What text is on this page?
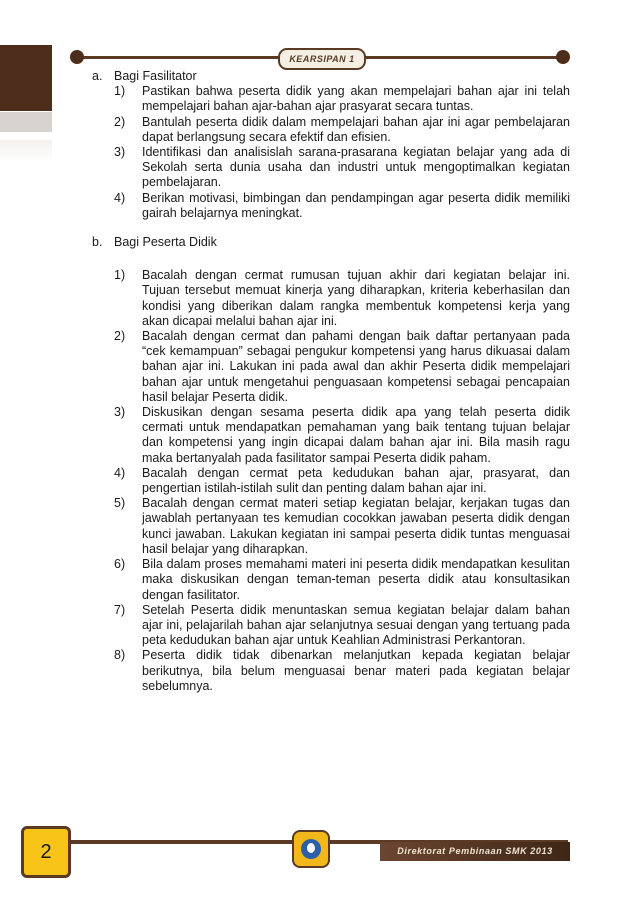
KEARSIPAN 1
a. Bagi Fasilitator
1) Pastikan bahwa peserta didik yang akan mempelajari bahan ajar ini telah mempelajari bahan ajar-bahan ajar prasyarat secara tuntas.
2) Bantulah peserta didik dalam mempelajari bahan ajar ini agar pembelajaran dapat berlangsung secara efektif dan efisien.
3) Identifikasi dan analisislah sarana-prasarana kegiatan belajar yang ada di Sekolah serta dunia usaha dan industri untuk mengoptimalkan kegiatan pembelajaran.
4) Berikan motivasi, bimbingan dan pendampingan agar peserta didik memiliki gairah belajarnya meningkat.
b. Bagi Peserta Didik
1) Bacalah dengan cermat rumusan tujuan akhir dari kegiatan belajar ini. Tujuan tersebut memuat kinerja yang diharapkan, kriteria keberhasilan dan kondisi yang diberikan dalam rangka membentuk kompetensi kerja yang akan dicapai melalui bahan ajar ini.
2) Bacalah dengan cermat dan pahami dengan baik daftar pertanyaan pada “cek kemampuan” sebagai pengukur kompetensi yang harus dikuasai dalam bahan ajar ini. Lakukan ini pada awal dan akhir Peserta didik mempelajari bahan ajar untuk mengetahui penguasaan kompetensi sebagai pencapaian hasil belajar Peserta didik.
3) Diskusikan dengan sesama peserta didik apa yang telah peserta didik cermati untuk mendapatkan pemahaman yang baik tentang tujuan belajar dan kompetensi yang ingin dicapai dalam bahan ajar ini. Bila masih ragu maka bertanyalah pada fasilitator sampai Peserta didik paham.
4) Bacalah dengan cermat peta kedudukan bahan ajar, prasyarat, dan pengertian istilah-istilah sulit dan penting dalam bahan ajar ini.
5) Bacalah dengan cermat materi setiap kegiatan belajar, kerjakan tugas dan jawablah pertanyaan tes kemudian cocokkan jawaban peserta didik dengan kunci jawaban. Lakukan kegiatan ini sampai peserta didik tuntas menguasai hasil belajar yang diharapkan.
6) Bila dalam proses memahami materi ini peserta didik mendapatkan kesulitan maka diskusikan dengan teman-teman peserta didik atau konsultasikan dengan fasilitator.
7) Setelah Peserta didik menuntaskan semua kegiatan belajar dalam bahan ajar ini, pelajarilah bahan ajar selanjutnya sesuai dengan yang tertuang pada peta kedudukan bahan ajar untuk Keahlian Administrasi Perkantoran.
8) Peserta didik tidak dibenarkan melanjutkan kepada kegiatan belajar berikutnya, bila belum menguasai benar materi pada kegiatan belajar sebelumnya.
Direktorat Pembinaan SMK 2013
2
